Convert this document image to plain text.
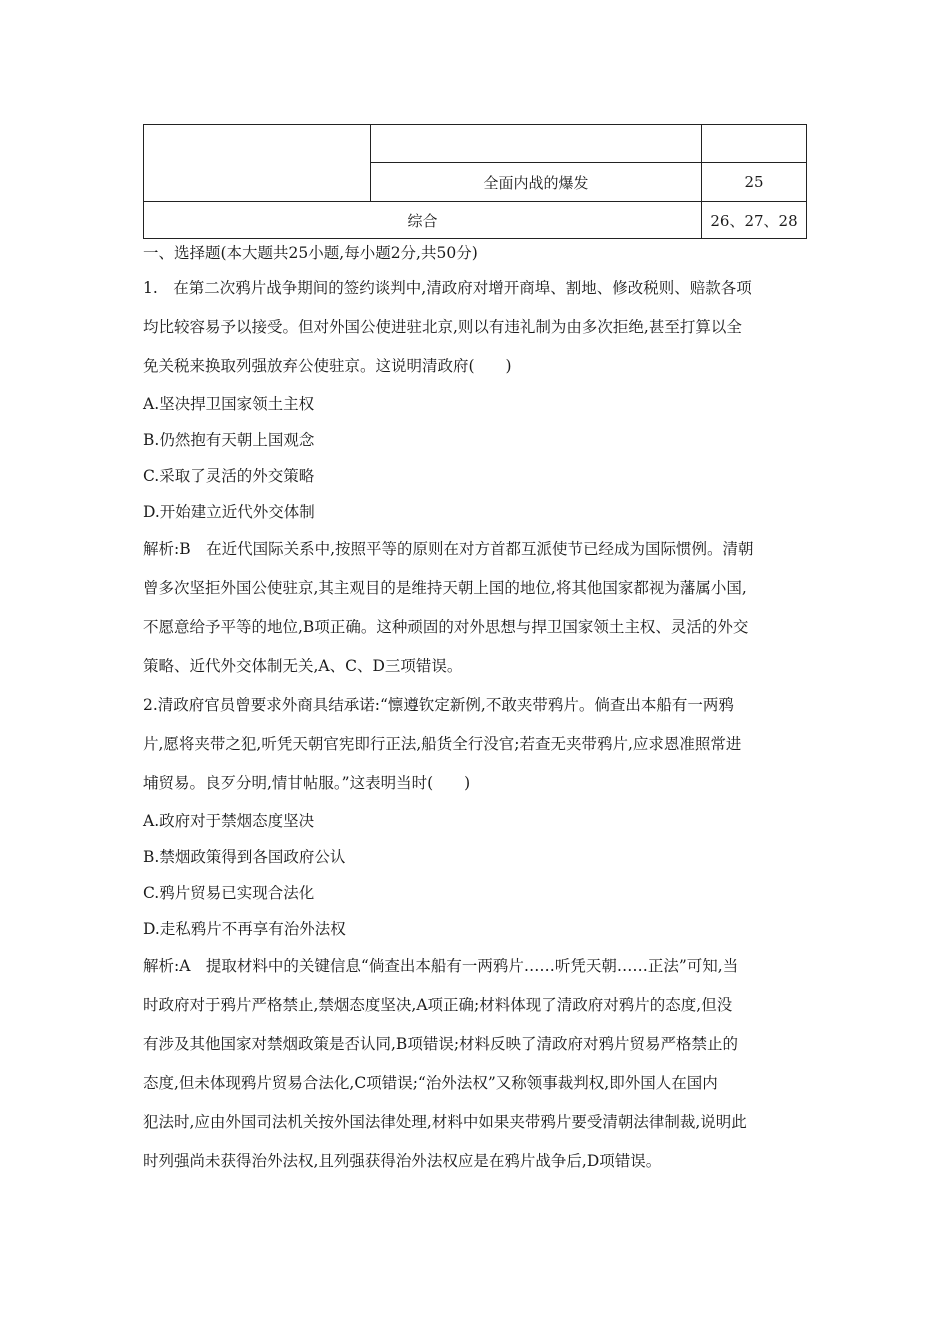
	全面内战的爆发	25
综合		26、27、28
一、选择题(本大题共25小题,每小题2分,共50分)

1.　在第二次鸦片战争期间的签约谈判中,清政府对增开商埠、割地、修改税则、赔款各项

均比较容易予以接受。但对外国公使进驻北京,则以有违礼制为由多次拒绝,甚至打算以全

免关税来换取列强放弃公使驻京。这说明清政府(　　)

A.坚决捍卫国家领土主权

B.仍然抱有天朝上国观念

C.采取了灵活的外交策略

D.开始建立近代外交体制

解析:B　在近代国际关系中,按照平等的原则在对方首都互派使节已经成为国际惯例。清朝

曾多次坚拒外国公使驻京,其主观目的是维持天朝上国的地位,将其他国家都视为藩属小国,

不愿意给予平等的地位,B项正确。这种顽固的对外思想与捍卫国家领土主权、灵活的外交

策略、近代外交体制无关,A、C、D三项错误。

2.清政府官员曾要求外商具结承诺:“懔遵钦定新例,不敢夹带鸦片。倘查出本船有一两鸦

片,愿将夹带之犯,听凭天朝官宪即行正法,船货全行没官;若查无夹带鸦片,应求恩准照常进

埔贸易。良歹分明,情甘帖服。”这表明当时(　　)

A.政府对于禁烟态度坚决

B.禁烟政策得到各国政府公认

C.鸦片贸易已实现合法化

D.走私鸦片不再享有治外法权

解析:A　提取材料中的关键信息“倘查出本船有一两鸦片……听凭天朝……正法”可知,当

时政府对于鸦片严格禁止,禁烟态度坚决,A项正确;材料体现了清政府对鸦片的态度,但没

有涉及其他国家对禁烟政策是否认同,B项错误;材料反映了清政府对鸦片贸易严格禁止的

态度,但未体现鸦片贸易合法化,C项错误;“治外法权”又称领事裁判权,即外国人在国内

犯法时,应由外国司法机关按外国法律处理,材料中如果夹带鸦片要受清朝法律制裁,说明此

时列强尚未获得治外法权,且列强获得治外法权应是在鸦片战争后,D项错误。
